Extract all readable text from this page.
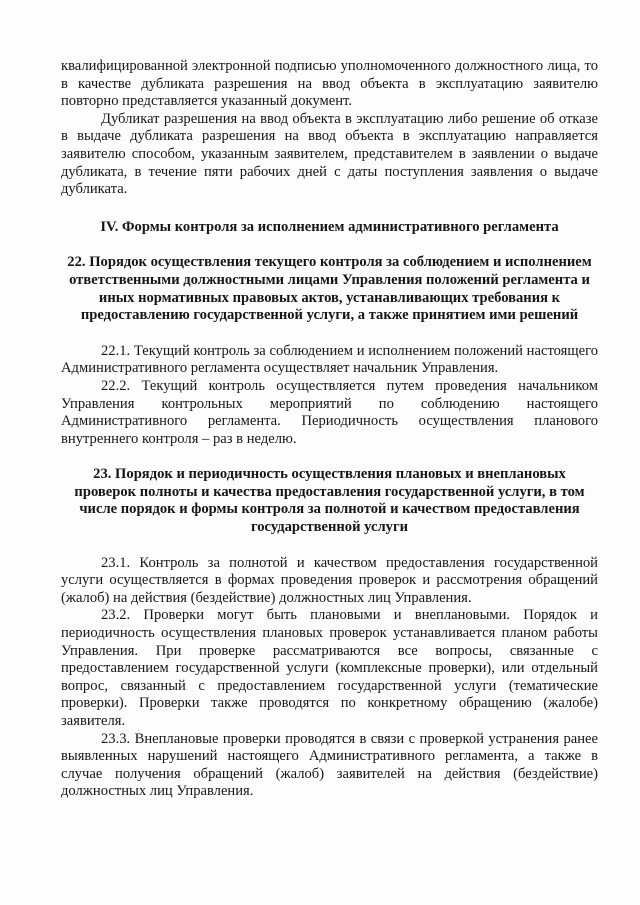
квалифицированной электронной подписью уполномоченного должностного лица, то в качестве дубликата разрешения на ввод объекта в эксплуатацию заявителю повторно представляется указанный документ.

Дубликат разрешения на ввод объекта в эксплуатацию либо решение об отказе в выдаче дубликата разрешения на ввод объекта в эксплуатацию направляется заявителю способом, указанным заявителем, представителем в заявлении о выдаче дубликата, в течение пяти рабочих дней с даты поступления заявления о выдаче дубликата.

IV. Формы контроля за исполнением административного регламента

22. Порядок осуществления текущего контроля за соблюдением и исполнением ответственными должностными лицами Управления положений регламента и иных нормативных правовых актов, устанавливающих требования к предоставлению государственной услуги, а также принятием ими решений

22.1. Текущий контроль за соблюдением и исполнением положений настоящего Административного регламента осуществляет начальник Управления.

22.2. Текущий контроль осуществляется путем проведения начальником Управления контрольных мероприятий по соблюдению настоящего Административного регламента. Периодичность осуществления планового внутреннего контроля – раз в неделю.

23. Порядок и периодичность осуществления плановых и внеплановых проверок полноты и качества предоставления государственной услуги, в том числе порядок и формы контроля за полнотой и качеством предоставления государственной услуги

23.1. Контроль за полнотой и качеством предоставления государственной услуги осуществляется в формах проведения проверок и рассмотрения обращений (жалоб) на действия (бездействие) должностных лиц Управления.

23.2. Проверки могут быть плановыми и внеплановыми. Порядок и периодичность осуществления плановых проверок устанавливается планом работы Управления. При проверке рассматриваются все вопросы, связанные с предоставлением государственной услуги (комплексные проверки), или отдельный вопрос, связанный с предоставлением государственной услуги (тематические проверки). Проверки также проводятся по конкретному обращению (жалобе) заявителя.

23.3. Внеплановые проверки проводятся в связи с проверкой устранения ранее выявленных нарушений настоящего Административного регламента, а также в случае получения обращений (жалоб) заявителей на действия (бездействие) должностных лиц Управления.
